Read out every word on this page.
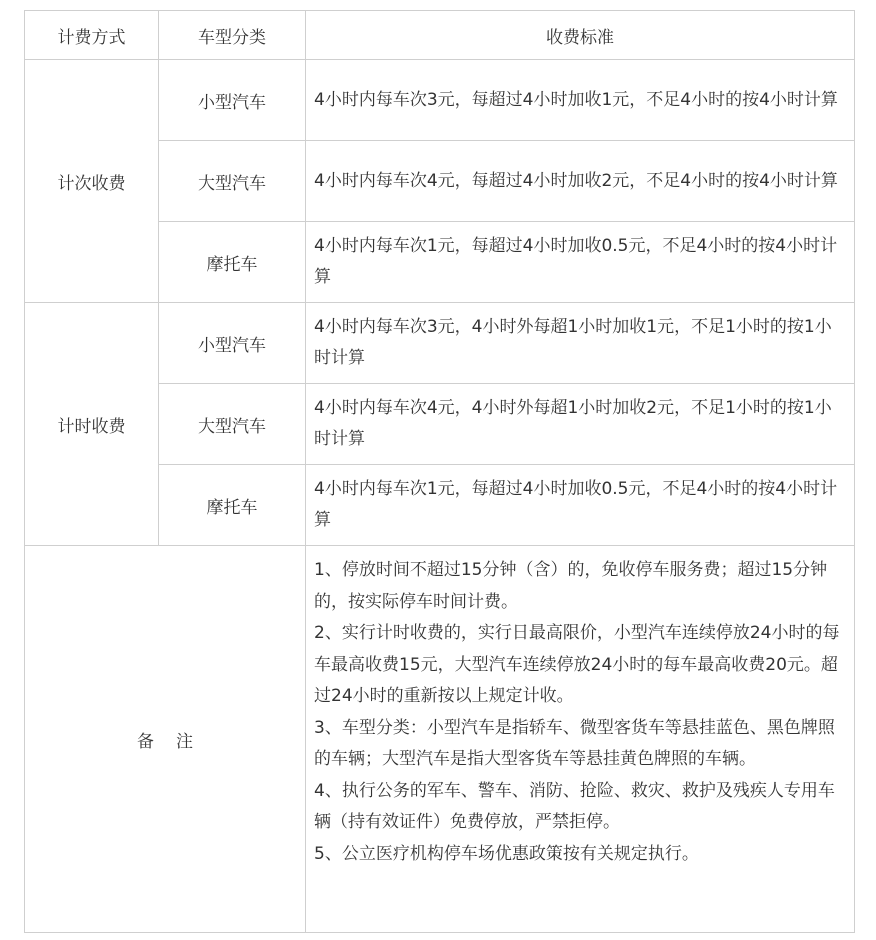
计费方式	车型分类	收费标准
计次收费	小型汽车	4小时内每车次3元，每超过4小时加收1元，不足4小时的按4小时计算
	大型汽车	4小时内每车次4元，每超过4小时加收2元，不足4小时的按4小时计算
	摩托车	4小时内每车次1元，每超过4小时加收0.5元，不足4小时的按4小时计算
计时收费	小型汽车	4小时内每车次3元，4小时外每超1小时加收1元，不足1小时的按1小时计算
	大型汽车	4小时内每车次4元，4小时外每超1小时加收2元，不足1小时的按1小时计算
	摩托车	4小时内每车次1元，每超过4小时加收0.5元，不足4小时的按4小时计算
备 注		1、停放时间不超过15分钟（含）的，免收停车服务费；超过15分钟的，按实际停车时间计费。
2、实行计时收费的，实行日最高限价，小型汽车连续停放24小时的每车最高收费15元，大型汽车连续停放24小时的每车最高收费20元。超过24小时的重新按以上规定计收。
3、车型分类：小型汽车是指轿车、微型客货车等悬挂蓝色、黑色牌照的车辆；大型汽车是指大型客货车等悬挂黄色牌照的车辆。
4、执行公务的军车、警车、消防、抢险、救灾、救护及残疾人专用车辆（持有效证件）免费停放，严禁拒停。
5、公立医疗机构停车场优惠政策按有关规定执行。
